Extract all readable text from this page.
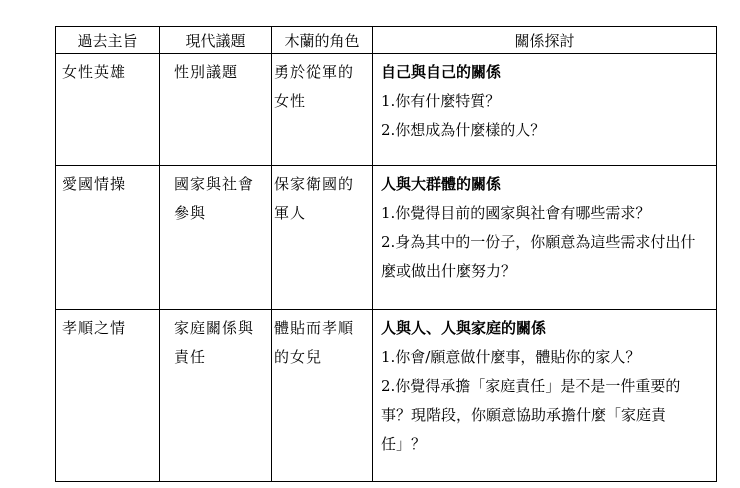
過去主旨	現代議題	木蘭的角色	關係探討
女性英雄	性別議題	勇於從軍的女性	自己與自己的關係
1.你有什麼特質？
2.你想成為什麼樣的人？

愛國情操	國家與社會參與	保家衛國的軍人	人與大群體的關係
1.你覺得目前的國家與社會有哪些需求？
2.身為其中的一份子，你願意為這些需求付出什麼或做出什麼努力？

孝順之情	家庭關係與責任	體貼而孝順的女兒	人與人、人與家庭的關係
1.你會/願意做什麼事，體貼你的家人？
2.你覺得承擔「家庭責任」是不是一件重要的事？現階段，你願意協助承擔什麼「家庭責任」？
